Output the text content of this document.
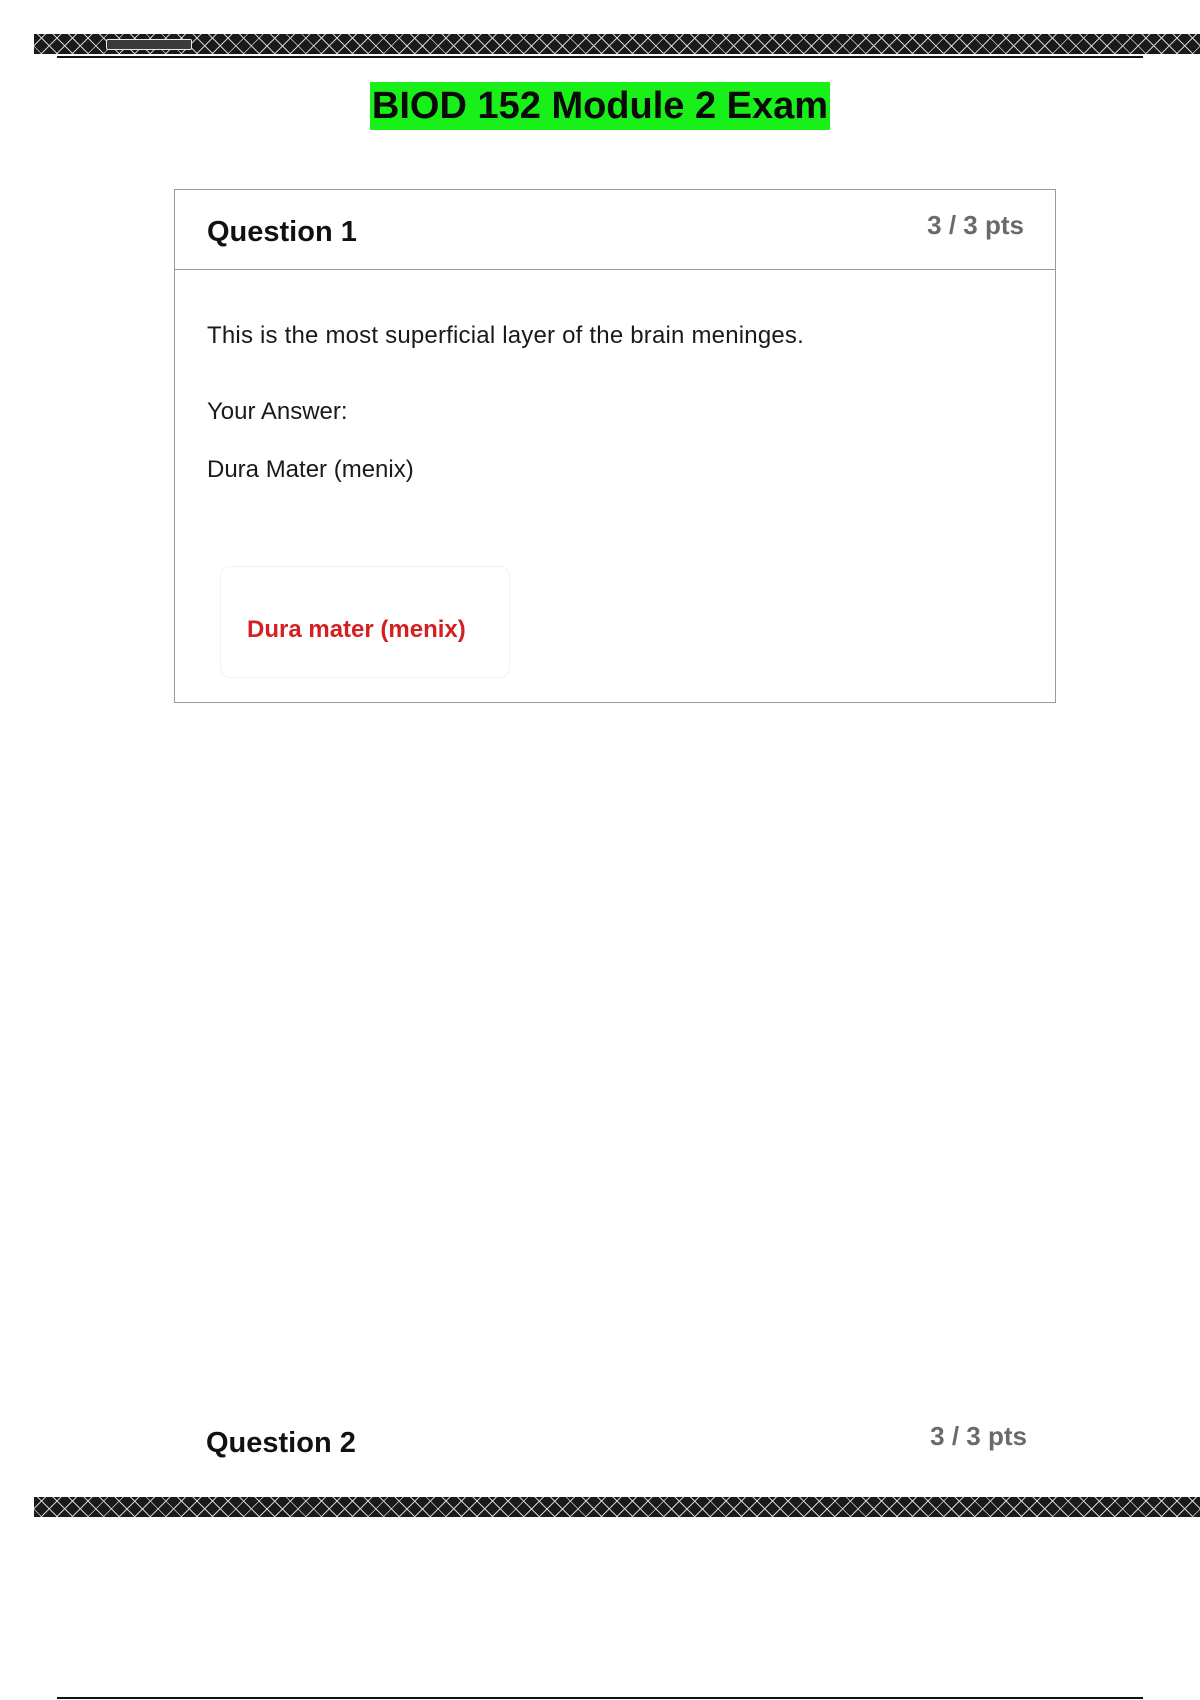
BIOD 152 Module 2 Exam
Question 1	3 / 3 pts
This is the most superficial layer of the brain meninges.
Your Answer:
Dura Mater (menix)
Dura mater (menix)
Question 2	3 / 3 pts
